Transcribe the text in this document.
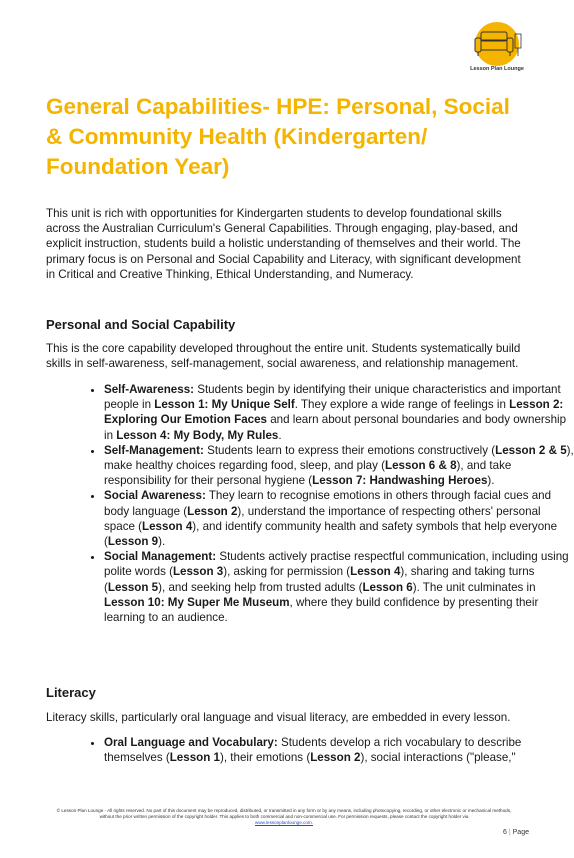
Lesson Plan Lounge
General Capabilities- HPE: Personal, Social & Community Health (Kindergarten/ Foundation Year)

This unit is rich with opportunities for Kindergarten students to develop foundational skills across the Australian Curriculum's General Capabilities. Through engaging, play-based, and explicit instruction, students build a holistic understanding of themselves and their world. The primary focus is on Personal and Social Capability and Literacy, with significant development in Critical and Creative Thinking, Ethical Understanding, and Numeracy.

Personal and Social Capability

This is the core capability developed throughout the entire unit. Students systematically build skills in self-awareness, self-management, social awareness, and relationship management.

• Self-Awareness: Students begin by identifying their unique characteristics and important people in Lesson 1: My Unique Self. They explore a wide range of feelings in Lesson 2: Exploring Our Emotion Faces and learn about personal boundaries and body ownership in Lesson 4: My Body, My Rules.
• Self-Management: Students learn to express their emotions constructively (Lesson 2 & 5), make healthy choices regarding food, sleep, and play (Lesson 6 & 8), and take responsibility for their personal hygiene (Lesson 7: Handwashing Heroes).
• Social Awareness: They learn to recognise emotions in others through facial cues and body language (Lesson 2), understand the importance of respecting others' personal space (Lesson 4), and identify community health and safety symbols that help everyone (Lesson 9).
• Social Management: Students actively practise respectful communication, including using polite words (Lesson 3), asking for permission (Lesson 4), sharing and taking turns (Lesson 5), and seeking help from trusted adults (Lesson 6). The unit culminates in Lesson 10: My Super Me Museum, where they build confidence by presenting their learning to an audience.
Literacy

Literacy skills, particularly oral language and visual literacy, are embedded in every lesson.

• Oral Language and Vocabulary: Students develop a rich vocabulary to describe themselves (Lesson 1), their emotions (Lesson 2), social interactions ("please,"
© Lesson Plan Lounge - All rights reserved. No part of this document may be reproduced, distributed, or transmitted in any form or by any means, including photocopying, recording, or other electronic or mechanical methods, without the prior written permission of the copyright holder. This applies to both commercial and non-commercial use. For permission requests, please contact the copyright holder via
www.lessonplanlounge.com.
6 | Page
